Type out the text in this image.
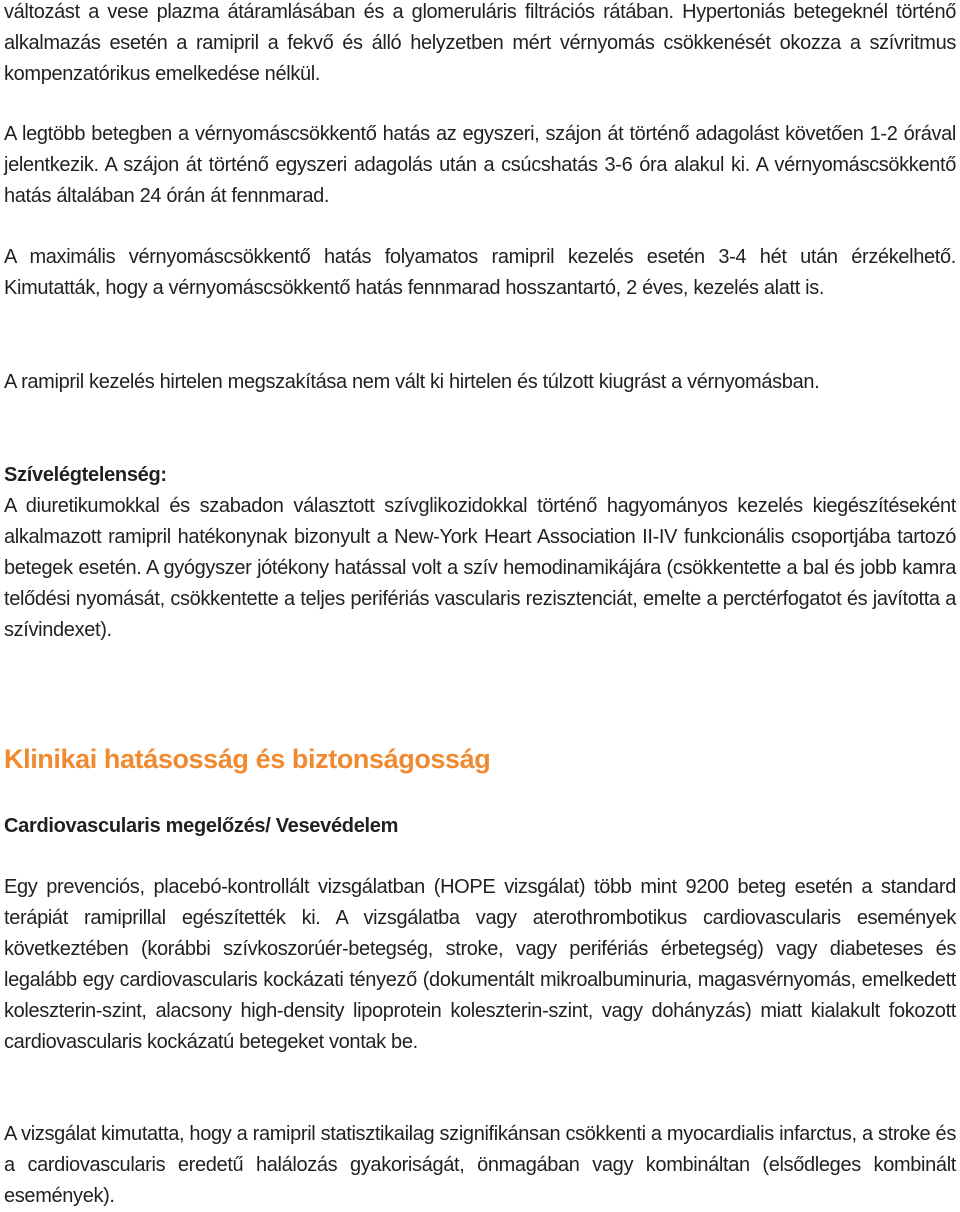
változást a vese plazma átáramlásában és a glomeruláris filtrációs rátában. Hypertoniás betegeknél történő alkalmazás esetén a ramipril a fekvő és álló helyzetben mért vérnyomás csökkenését okozza a szívritmus kompenzatórikus emelkedése nélkül.

A legtöbb betegben a vérnyomáscsökkentő hatás az egyszeri, szájon át történő adagolást követően 1-2 órával jelentkezik. A szájon át történő egyszeri adagolás után a csúcshatás 3-6 óra alakul ki. A vérnyomáscsökkentő hatás általában 24 órán át fennmarad.

A maximális vérnyomáscsökkentő hatás folyamatos ramipril kezelés esetén 3-4 hét után érzékelhető. Kimutatták, hogy a vérnyomáscsökkentő hatás fennmarad hosszantartó, 2 éves, kezelés alatt is.

A ramipril kezelés hirtelen megszakítása nem vált ki hirtelen és túlzott kiugrást a vérnyomásban.

Szívelégtelenség:

A diuretikumokkal és szabadon választott szívglikozidokkal történő hagyományos kezelés kiegészítéseként alkalmazott ramipril hatékonynak bizonyult a New-York Heart Association II-IV funkcionális csoportjába tartozó betegek esetén. A gyógyszer jótékony hatással volt a szív hemodinamikájára (csökkentette a bal és jobb kamra telődési nyomását, csökkentette a teljes perifériás vascularis rezisztenciát, emelte a perctérfogatot és javította a szívindexet).

Klinikai hatásosság és biztonságosság
Cardiovascularis megelőzés/ Vesevédelem

Egy prevenciós, placebó-kontrollált vizsgálatban (HOPE vizsgálat) több mint 9200 beteg esetén a standard terápiát ramiprillal egészítették ki. A vizsgálatba vagy aterothrombotikus cardiovascularis események következtében (korábbi szívkoszorúér-betegség, stroke, vagy perifériás érbetegség) vagy diabeteses és legalább egy cardiovascularis kockázati tényező (dokumentált mikroalbuminuria, magasvérnyomás, emelkedett koleszterin-szint, alacsony high-density lipoprotein koleszterin-szint, vagy dohányzás) miatt kialakult fokozott cardiovascularis kockázatú betegeket vontak be.

A vizsgálat kimutatta, hogy a ramipril statisztikailag szignifikánsan csökkenti a myocardialis infarctus, a stroke és a cardiovascularis eredetű halálozás gyakoriságát, önmagában vagy kombináltan (elsődleges kombinált események).
